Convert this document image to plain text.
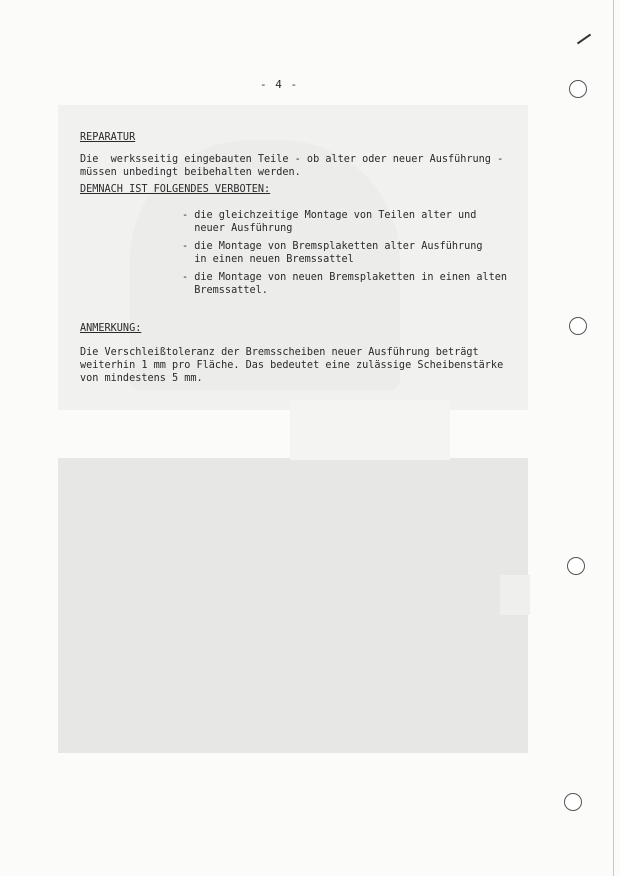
- 4 -
REPARATUR
Die  werksseitig eingebauten Teile - ob alter oder neuer Ausführung -
müssen unbedingt beibehalten werden.
DEMNACH IST FOLGENDES VERBOTEN:
- die gleichzeitige Montage von Teilen alter und
neuer Ausführung
- die Montage von Bremsplaketten alter Ausführung
in einen neuen Bremssattel
- die Montage von neuen Bremsplaketten in einen alten
Bremssattel.
ANMERKUNG:
Die Verschleißtoleranz der Bremsscheiben neuer Ausführung beträgt
weiterhin 1 mm pro Fläche. Das bedeutet eine zulässige Scheibenstärke
von mindestens 5 mm.
